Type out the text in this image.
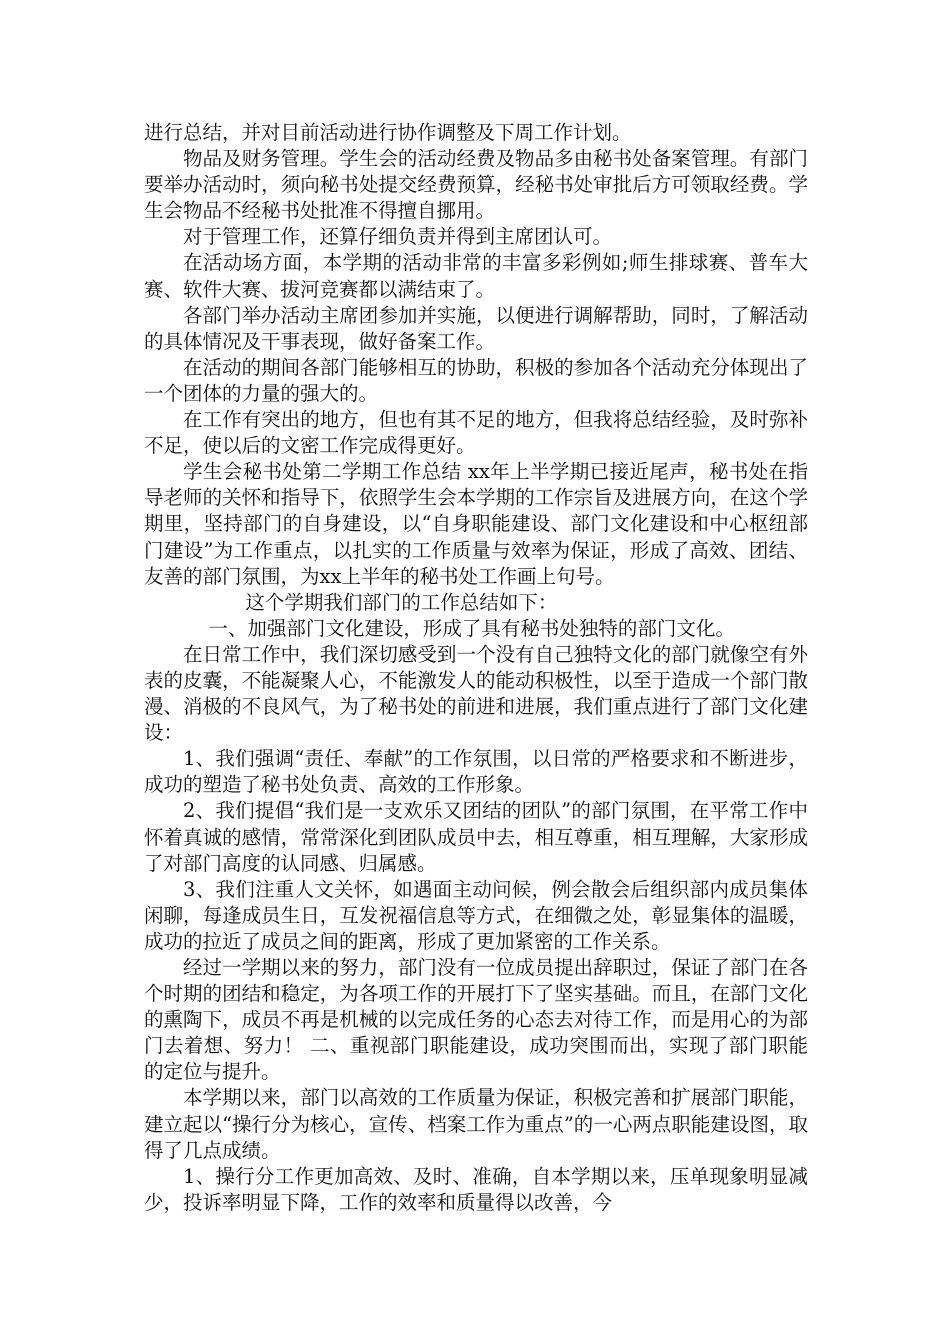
进行总结，并对目前活动进行协作调整及下周工作计划。

物品及财务管理。学生会的活动经费及物品多由秘书处备案管理。有部门要举办活动时，须向秘书处提交经费预算，经秘书处审批后方可领取经费。学生会物品不经秘书处批准不得擅自挪用。

对于管理工作，还算仔细负责并得到主席团认可。

在活动场方面，本学期的活动非常的丰富多彩例如;师生排球赛、普车大赛、软件大赛、拔河竞赛都以满结束了。

各部门举办活动主席团参加并实施，以便进行调解帮助，同时，了解活动的具体情况及干事表现，做好备案工作。

在活动的期间各部门能够相互的协助，积极的参加各个活动充分体现出了一个团体的力量的强大的。

在工作有突出的地方，但也有其不足的地方，但我将总结经验，及时弥补不足，使以后的文密工作完成得更好。

学生会秘书处第二学期工作总结 xx年上半学期已接近尾声，秘书处在指导老师的关怀和指导下，依照学生会本学期的工作宗旨及进展方向，在这个学期里，坚持部门的自身建设，以“自身职能建设、部门文化建设和中心枢纽部门建设”为工作重点，以扎实的工作质量与效率为保证，形成了高效、团结、友善的部门氛围，为xx上半年的秘书处工作画上句号。

这个学期我们部门的工作总结如下：

一、加强部门文化建设，形成了具有秘书处独特的部门文化。

在日常工作中，我们深切感受到一个没有自己独特文化的部门就像空有外表的皮囊，不能凝聚人心，不能激发人的能动积极性，以至于造成一个部门散漫、消极的不良风气，为了秘书处的前进和进展，我们重点进行了部门文化建设：

1、我们强调“责任、奉献”的工作氛围，以日常的严格要求和不断进步，成功的塑造了秘书处负责、高效的工作形象。

2、我们提倡“我们是一支欢乐又团结的团队”的部门氛围，在平常工作中怀着真诚的感情，常常深化到团队成员中去，相互尊重，相互理解，大家形成了对部门高度的认同感、归属感。

3、我们注重人文关怀，如遇面主动问候，例会散会后组织部内成员集体闲聊，每逢成员生日，互发祝福信息等方式，在细微之处，彰显集体的温暖，成功的拉近了成员之间的距离，形成了更加紧密的工作关系。

经过一学期以来的努力，部门没有一位成员提出辞职过，保证了部门在各个时期的团结和稳定，为各项工作的开展打下了坚实基础。而且，在部门文化的熏陶下，成员不再是机械的以完成任务的心态去对待工作，而是用心的为部门去着想、努力！ 二、重视部门职能建设，成功突围而出，实现了部门职能的定位与提升。

本学期以来，部门以高效的工作质量为保证，积极完善和扩展部门职能，建立起以“操行分为核心，宣传、档案工作为重点”的一心两点职能建设图，取得了几点成绩。

1、操行分工作更加高效、及时、准确，自本学期以来，压单现象明显减少，投诉率明显下降，工作的效率和质量得以改善，今
